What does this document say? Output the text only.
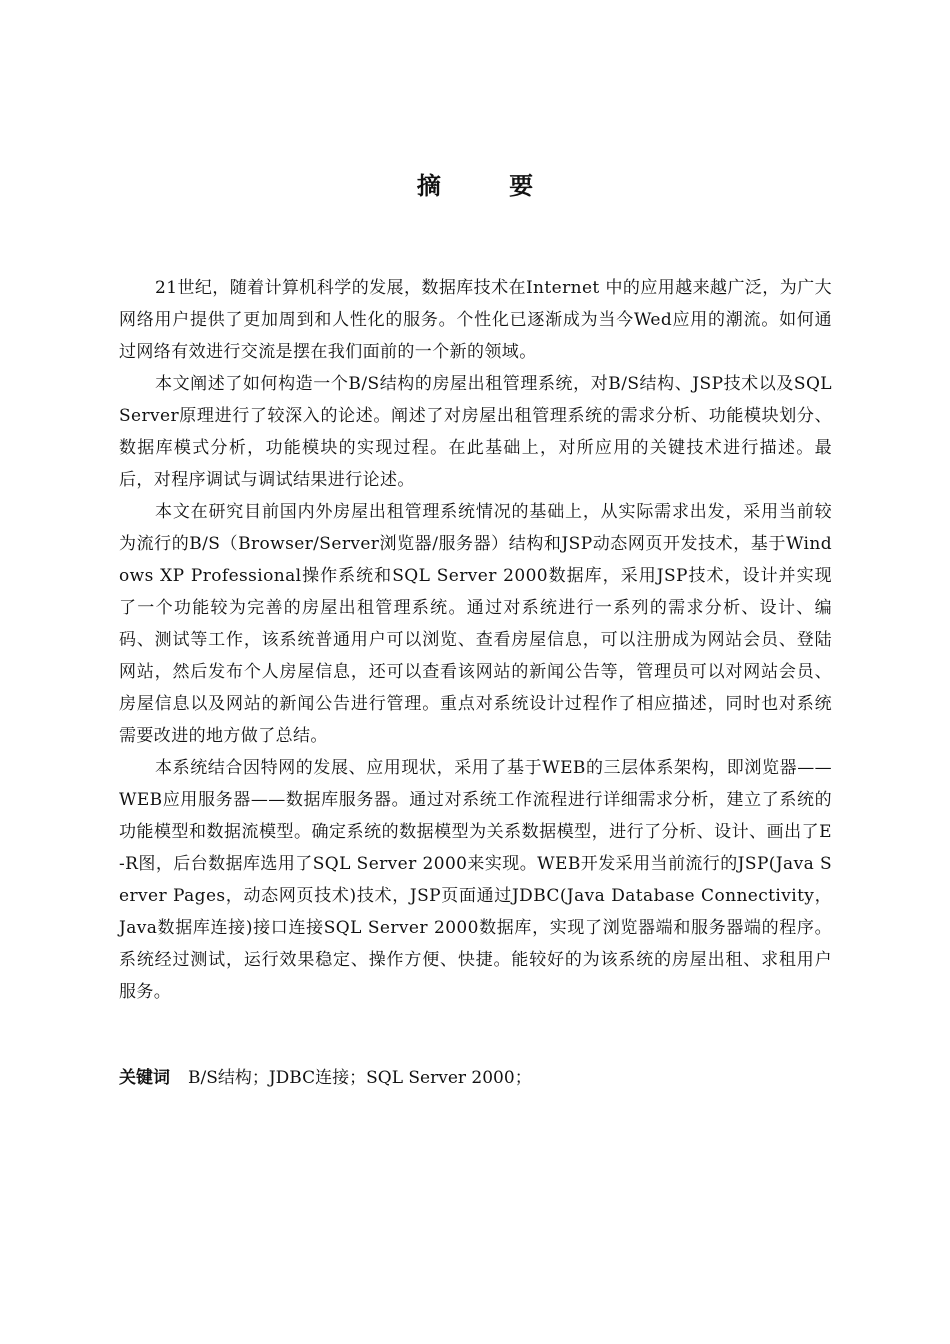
摘 要

21世纪，随着计算机科学的发展，数据库技术在Internet 中的应用越来越广泛，为广大网络用户提供了更加周到和人性化的服务。个性化已逐渐成为当今Wed应用的潮流。如何通过网络有效进行交流是摆在我们面前的一个新的领域。

本文阐述了如何构造一个B/S结构的房屋出租管理系统，对B/S结构、JSP技术以及SQL Server原理进行了较深入的论述。阐述了对房屋出租管理系统的需求分析、功能模块划分、数据库模式分析，功能模块的实现过程。在此基础上，对所应用的关键技术进行描述。最后，对程序调试与调试结果进行论述。

本文在研究目前国内外房屋出租管理系统情况的基础上，从实际需求出发，采用当前较为流行的B/S（Browser/Server浏览器/服务器）结构和JSP动态网页开发技术，基于Windows XP Professional操作系统和SQL Server 2000数据库，采用JSP技术，设计并实现了一个功能较为完善的房屋出租管理系统。通过对系统进行一系列的需求分析、设计、编码、测试等工作，该系统普通用户可以浏览、查看房屋信息，可以注册成为网站会员、登陆网站，然后发布个人房屋信息，还可以查看该网站的新闻公告等，管理员可以对网站会员、房屋信息以及网站的新闻公告进行管理。重点对系统设计过程作了相应描述，同时也对系统需要改进的地方做了总结。

本系统结合因特网的发展、应用现状，采用了基于WEB的三层体系架构，即浏览器——WEB应用服务器——数据库服务器。通过对系统工作流程进行详细需求分析，建立了系统的功能模型和数据流模型。确定系统的数据模型为关系数据模型，进行了分析、设计、画出了E-R图，后台数据库选用了SQL Server 2000来实现。WEB开发采用当前流行的JSP(Java Server Pages，动态网页技术)技术，JSP页面通过JDBC(Java Database Connectivity，Java数据库连接)接口连接SQL Server 2000数据库，实现了浏览器端和服务器端的程序。系统经过测试，运行效果稳定、操作方便、快捷。能较好的为该系统的房屋出租、求租用户服务。

关键词 B/S结构；JDBC连接；SQL Server 2000；
